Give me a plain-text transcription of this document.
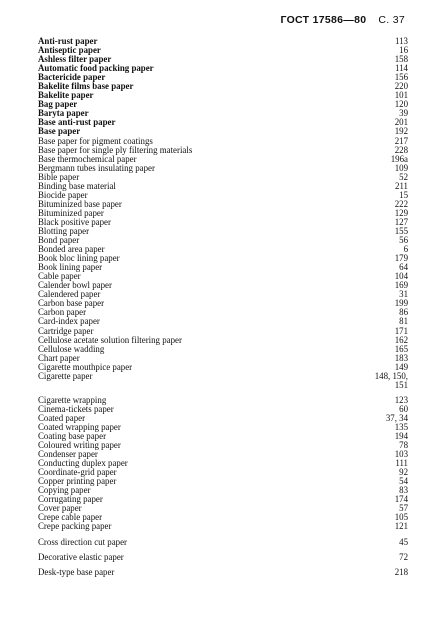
ГОСТ 17586—80 С. 37
Anti-rust paper	113
Antiseptic paper	16
Ashless filter paper	158
Automatic food packing paper	114
Bactericide paper	156
Bakelite films base paper	220
Bakelite paper	101
Bag paper	120
Baryta paper	39
Base anti-rust paper	201
Base paper	192
Base paper for pigment coatings	217
Base paper for single ply filtering materials	228
Base thermochemical paper	196a
Bergmann tubes insulating paper	109
Bible paper	52
Binding base material	211
Biocide paper	15
Bituminized base paper	222
Bituminized paper	129
Black positive paper	127
Blotting paper	155
Bond paper	56
Bonded area paper	6
Book bloc lining paper	179
Book lining paper	64
Cable paper	104
Calender bowl paper	169
Calendered paper	31
Carbon base paper	199
Carbon paper	86
Card-index paper	81
Cartridge paper	171
Cellulose acetate solution filtering paper	162
Cellulose wadding	165
Chart paper	183
Cigarette mouthpice paper	149
Cigarette paper	148, 150,
151
Cigarette wrapping	123
Cinema-tickets paper	60
Coated paper	37, 34
Coated wrapping paper	135
Coating base paper	194
Coloured writing paper	78
Condenser paper	103
Conducting duplex paper	111
Coordinate-grid paper	92
Copper printing paper	54
Copying paper	83
Corrugating paper	174
Cover paper	57
Crepe cable paper	105
Crepe packing paper	121
Cross direction cut paper	45
Decorative elastic paper	72
Desk-type base paper	218
